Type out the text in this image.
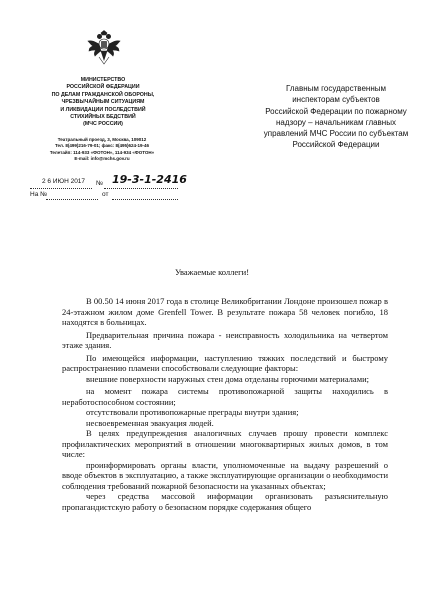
МИНИСТЕРСТВО
РОССИЙСКОЙ ФЕДЕРАЦИИ
ПО ДЕЛАМ ГРАЖДАНСКОЙ ОБОРОНЫ,
ЧРЕЗВЫЧАЙНЫМ СИТУАЦИЯМ
И ЛИКВИДАЦИИ ПОСЛЕДСТВИЙ
СТИХИЙНЫХ БЕДСТВИЙ
(МЧС РОССИИ)
Театральный проезд, 3, Москва, 109012
Тел. 8(499)216-79-01; факс: 8(495)624-19-46
Телетайп: 114-933 «ФОТОН», 114-934 «ФОТОН»
E-mail: info@mchs.gov.ru
2 6 ИЮН 2017 № 19-3-1-2416
На №	от
Главным государственным
инспекторам субъектов
Российской Федерации по пожарному
надзору – начальникам главных
управлений МЧС России по субъектам
Российской Федерации
Уважаемые коллеги!

В 00.50 14 июня 2017 года в столице Великобритании Лондоне произошел пожар в 24-этажном жилом доме Grenfell Tower. В результате пожара 58 человек погибло, 18 находятся в больницах.

Предварительная причина пожара - неисправность холодильника на четвертом этаже здания.

По имеющейся информации, наступлению тяжких последствий и быстрому распространению пламени способствовали следующие факторы:

внешние поверхности наружных стен дома отделаны горючими материалами;

на момент пожара системы противопожарной защиты находились в неработоспособном состоянии;

отсутствовали противопожарные преграды внутри здания;

несвоевременная эвакуация людей.

В целях предупреждения аналогичных случаев прошу провести комплекс профилактических мероприятий в отношении многоквартирных жилых домов, в том числе:

проинформировать органы власти, уполномоченные на выдачу разрешений о вводе объектов в эксплуатацию, а также эксплуатирующие организации о необходимости соблюдения требований пожарной безопасности на указанных объектах;

через средства массовой информации организовать разъяснительную пропагандистскую работу о безопасном порядке содержания общего
